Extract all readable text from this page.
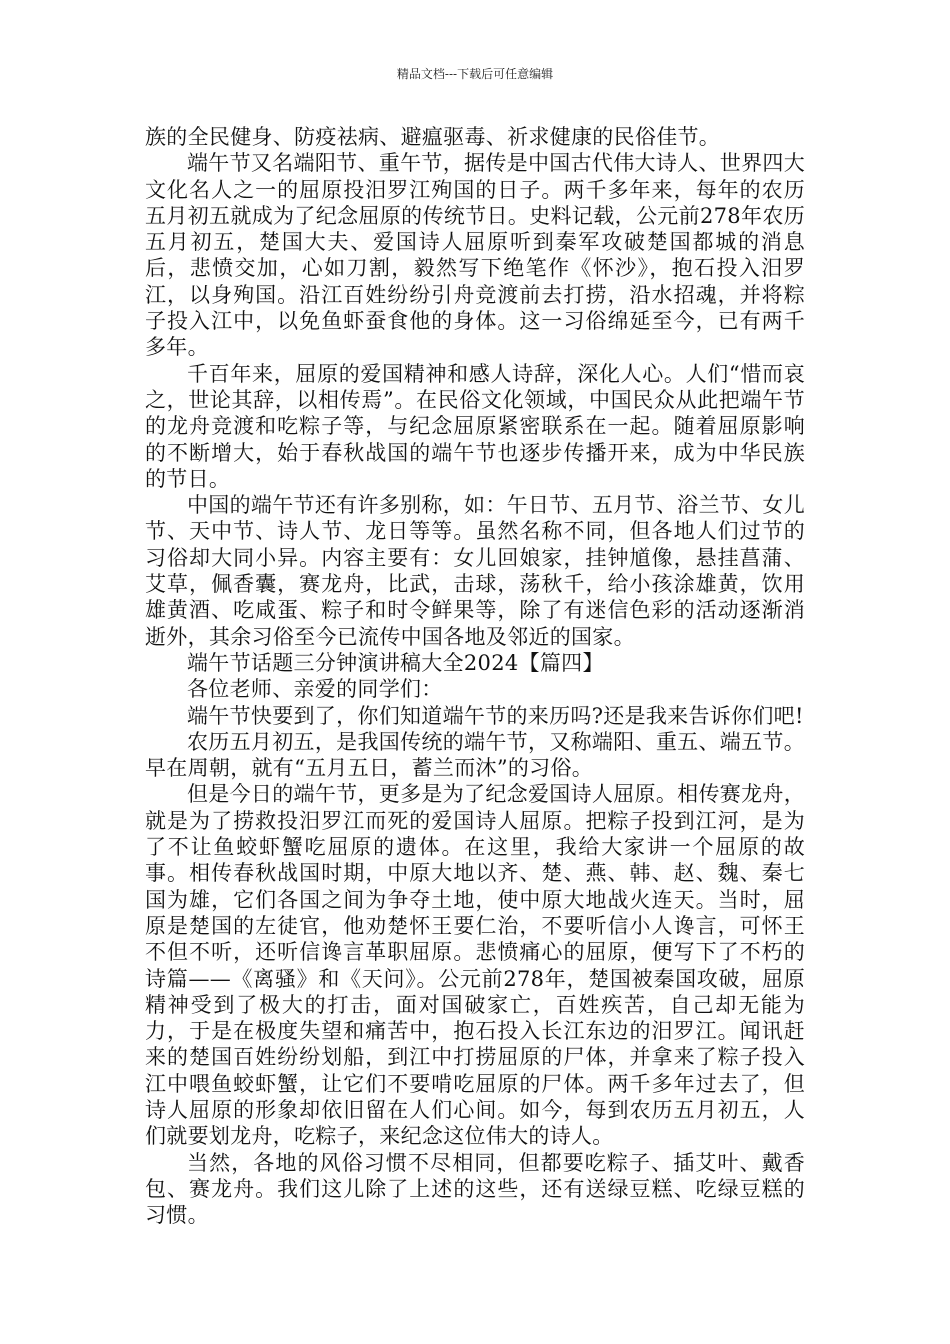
精品文档---下载后可任意编辑

族的全民健身、防疫祛病、避瘟驱毒、祈求健康的民俗佳节。

端午节又名端阳节、重午节，据传是中国古代伟大诗人、世界四大文化名人之一的屈原投汨罗江殉国的日子。两千多年来，每年的农历五月初五就成为了纪念屈原的传统节日。史料记载，公元前278年农历五月初五，楚国大夫、爱国诗人屈原听到秦军攻破楚国都城的消息后，悲愤交加，心如刀割，毅然写下绝笔作《怀沙》，抱石投入汨罗江，以身殉国。沿江百姓纷纷引舟竞渡前去打捞，沿水招魂，并将粽子投入江中，以免鱼虾蚕食他的身体。这一习俗绵延至今，已有两千多年。

千百年来，屈原的爱国精神和感人诗辞，深化人心。人们“惜而哀之，世论其辞，以相传焉”。在民俗文化领域，中国民众从此把端午节的龙舟竞渡和吃粽子等，与纪念屈原紧密联系在一起。随着屈原影响的不断增大，始于春秋战国的端午节也逐步传播开来，成为中华民族的节日。

中国的端午节还有许多别称，如：午日节、五月节、浴兰节、女儿节、天中节、诗人节、龙日等等。虽然名称不同，但各地人们过节的习俗却大同小异。内容主要有：女儿回娘家，挂钟馗像，悬挂菖蒲、艾草，佩香囊，赛龙舟，比武，击球，荡秋千，给小孩涂雄黄，饮用雄黄酒、吃咸蛋、粽子和时令鲜果等，除了有迷信色彩的活动逐渐消逝外，其余习俗至今已流传中国各地及邻近的国家。

端午节话题三分钟演讲稿大全2024【篇四】

各位老师、亲爱的同学们：

端午节快要到了，你们知道端午节的来历吗?还是我来告诉你们吧!

农历五月初五，是我国传统的端午节，又称端阳、重五、端五节。早在周朝，就有“五月五日，蓄兰而沐”的习俗。

但是今日的端午节，更多是为了纪念爱国诗人屈原。相传赛龙舟，就是为了捞救投汨罗江而死的爱国诗人屈原。把粽子投到江河，是为了不让鱼蛟虾蟹吃屈原的遗体。在这里，我给大家讲一个屈原的故事。相传春秋战国时期，中原大地以齐、楚、燕、韩、赵、魏、秦七国为雄，它们各国之间为争夺土地，使中原大地战火连天。当时，屈原是楚国的左徒官，他劝楚怀王要仁治，不要听信小人谗言，可怀王不但不听，还听信谗言革职屈原。悲愤痛心的屈原，便写下了不朽的诗篇——《离骚》和《天问》。公元前278年，楚国被秦国攻破，屈原精神受到了极大的打击，面对国破家亡，百姓疾苦，自己却无能为力，于是在极度失望和痛苦中，抱石投入长江东边的汨罗江。闻讯赶来的楚国百姓纷纷划船，到江中打捞屈原的尸体，并拿来了粽子投入江中喂鱼蛟虾蟹，让它们不要啃吃屈原的尸体。两千多年过去了，但诗人屈原的形象却依旧留在人们心间。如今，每到农历五月初五，人们就要划龙舟，吃粽子，来纪念这位伟大的诗人。

当然，各地的风俗习惯不尽相同，但都要吃粽子、插艾叶、戴香包、赛龙舟。我们这儿除了上述的这些，还有送绿豆糕、吃绿豆糕的习惯。
